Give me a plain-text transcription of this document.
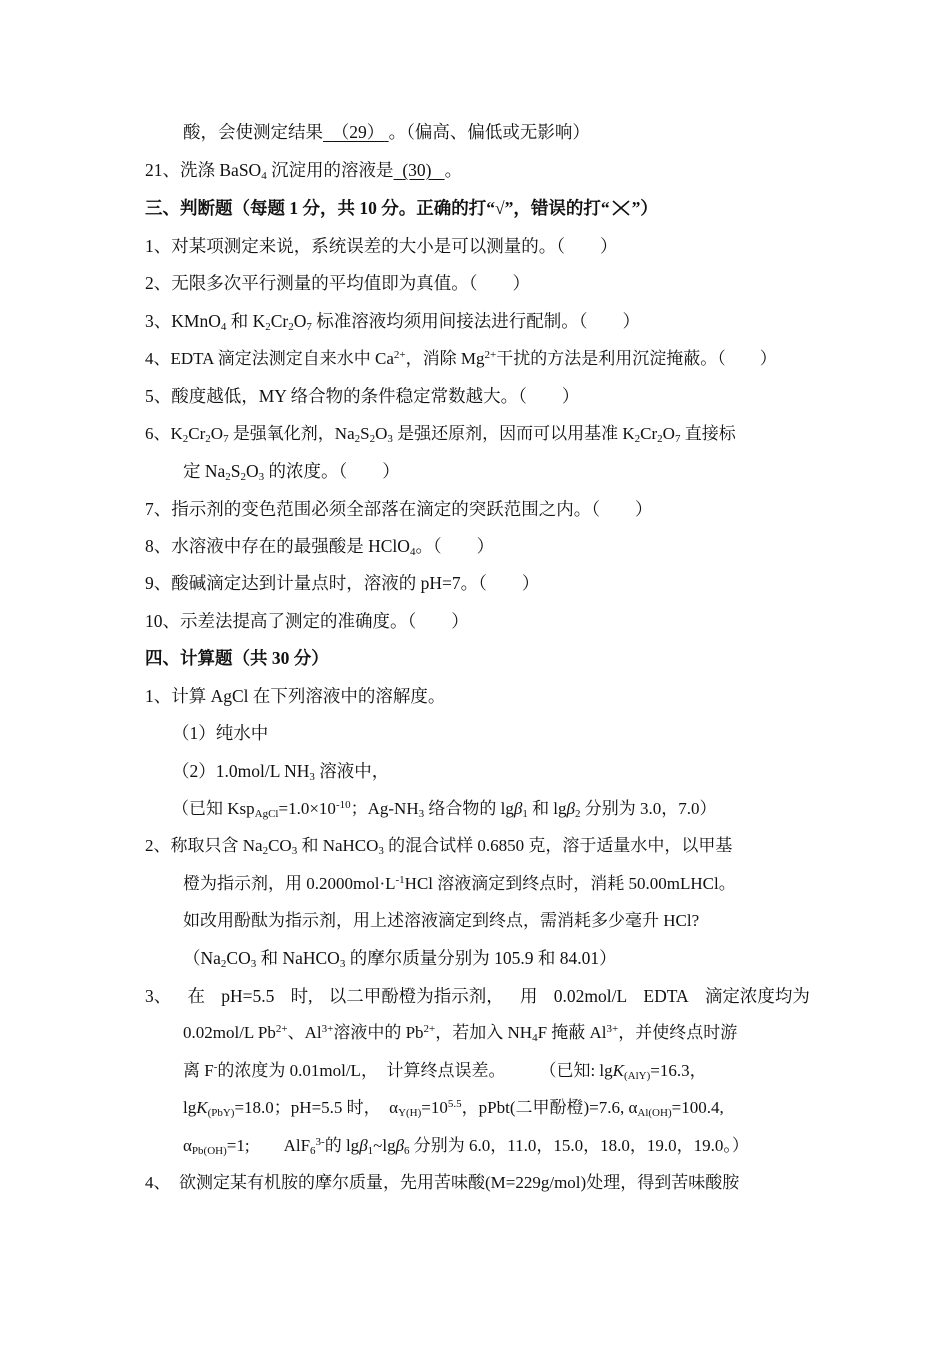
酸，会使测定结果 （29） 。（偏高、偏低或无影响）
21、洗涤 BaSO$_4$ 沉淀用的溶液是 (30) 。
三、判断题（每题 1 分，共 10 分。正确的打“√”，错误的打“ ”）
1、对某项测定来说，系统误差的大小是可以测量的。（　　）
2、无限多次平行测量的平均值即为真值。（　　）
3、KMnO$_4$ 和 $K_2Cr_2O_7$ 标准溶液均须用间接法进行配制。（　　）
4、EDTA 滴定法测定自来水中 $Ca^{2+}$，消除 $Mg^{2+}$干扰的方法是利用沉淀掩蔽。（　　）
5、酸度越低，MY 络合物的条件稳定常数越大。（　　）
6、$K_2Cr_2O_7$ 是强氧化剂，$Na_2S_2O_3$ 是强还原剂，因而可以用基准 $K_2Cr_2O_7$ 直接标
定 $Na_2S_2O_3$ 的浓度。（　　）
7、指示剂的变色范围必须全部落在滴定的突跃范围之内。（　　）
8、水溶液中存在的最强酸是 HClO$_4$。（　　）
9、酸碱滴定达到计量点时，溶液的 pH=7。（　　）
10、示差法提高了测定的准确度。（　　）
四、计算题（共 30 分）
1、计算 AgCl 在下列溶液中的溶解度。
（1）纯水中
（2）1.0mol/L $NH_3$ 溶液中，
（已知 $Ksp_{AgCl}=1.0\times 10^{-10}$；$Ag-NH_3$ 络合物的 lgβ$_1$ 和 lgβ$_2$ 分别为 3.0，7.0）
2、称取只含 $Na_2CO_3$ 和 NaHCO$_3$ 的混合试样 0.6850 克，溶于适量水中，以甲基
橙为指示剂，用 $0.2000mol\cdot L^{-1}HCl$ 溶液滴定到终点时，消耗 50.00mLHCl。
如改用酚酞为指示剂，用上述溶液滴定到终点，需消耗多少毫升 HCl?
（$Na_2CO_3$ 和 NaHCO$_3$ 的摩尔质量分别为 105.9 和 84.01）
3、 在 pH=5.5 时, 以二甲酚橙为指示剂， 用 0.02mol/L EDTA 滴定浓度均为
0.02mol/L $Pb^{2+}$、$Al^{3+}$溶液中的 $Pb^{2+}$，若加入 $NH_4F$ 掩蔽 $Al^{3+}$，并使终点时游
离 F-的浓度为 0.01mol/L，　计算终点误差。　　　（已知: lgK$_{(AlY)}$=16.3，
lgK$_{(PbY)}$=18.0；pH=5.5 时，　$\alpha_{Y(H)}=10^{5.5}$，pPbt(二甲酚橙)=7.6, $\alpha_{Al(OH)}=100.4$,
$\alpha_{Pb(OH)}=1$;　　AlF$_6^{3-}$的 lgβ$_1$~lgβ$_6$ 分别为 6.0，11.0，15.0，18.0，19.0，19.0。）
4、　欲测定某有机胺的摩尔质量，先用苦味酸(M=229g/mol)处理，得到苦味酸胺
